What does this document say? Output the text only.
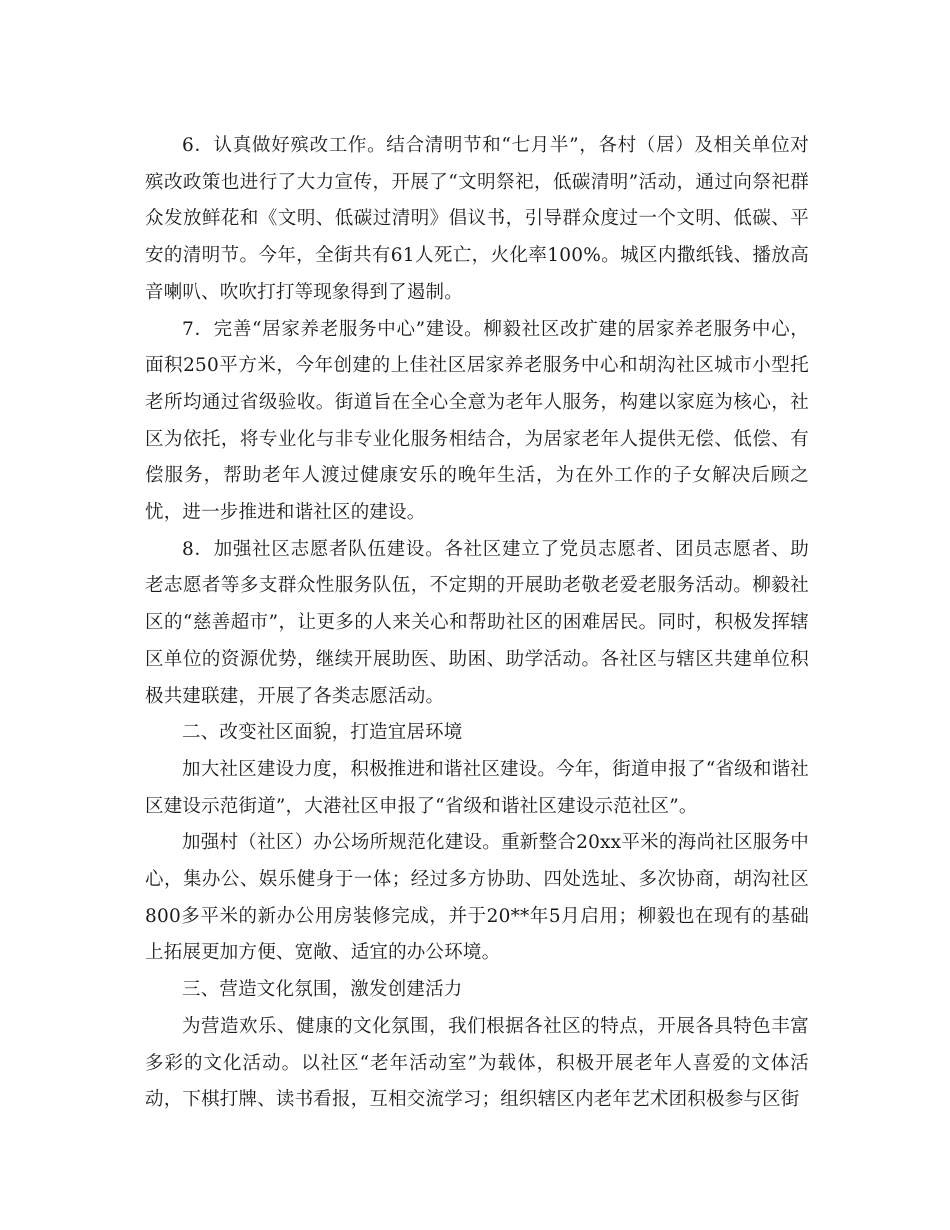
6．认真做好殡改工作。结合清明节和“七月半”，各村（居）及相关单位对殡改政策也进行了大力宣传，开展了“文明祭祀，低碳清明”活动，通过向祭祀群众发放鲜花和《文明、低碳过清明》倡议书，引导群众度过一个文明、低碳、平安的清明节。今年，全街共有61人死亡，火化率100%。城区内撒纸钱、播放高音喇叭、吹吹打打等现象得到了遏制。

7．完善“居家养老服务中心”建设。柳毅社区改扩建的居家养老服务中心，面积250平方米，今年创建的上佳社区居家养老服务中心和胡沟社区城市小型托老所均通过省级验收。街道旨在全心全意为老年人服务，构建以家庭为核心，社区为依托，将专业化与非专业化服务相结合，为居家老年人提供无偿、低偿、有偿服务，帮助老年人渡过健康安乐的晚年生活，为在外工作的子女解决后顾之忧，进一步推进和谐社区的建设。

8．加强社区志愿者队伍建设。各社区建立了党员志愿者、团员志愿者、助老志愿者等多支群众性服务队伍，不定期的开展助老敬老爱老服务活动。柳毅社区的“慈善超市”，让更多的人来关心和帮助社区的困难居民。同时，积极发挥辖区单位的资源优势，继续开展助医、助困、助学活动。各社区与辖区共建单位积极共建联建，开展了各类志愿活动。

二、改变社区面貌，打造宜居环境

加大社区建设力度，积极推进和谐社区建设。今年，街道申报了“省级和谐社区建设示范街道”，大港社区申报了“省级和谐社区建设示范社区”。

加强村（社区）办公场所规范化建设。重新整合20xx平米的海尚社区服务中心，集办公、娱乐健身于一体；经过多方协助、四处选址、多次协商，胡沟社区800多平米的新办公用房装修完成，并于20**年5月启用；柳毅也在现有的基础上拓展更加方便、宽敞、适宜的办公环境。

三、营造文化氛围，激发创建活力

为营造欢乐、健康的文化氛围，我们根据各社区的特点，开展各具特色丰富多彩的文化活动。以社区“老年活动室”为载体，积极开展老年人喜爱的文体活动，下棋打牌、读书看报，互相交流学习；组织辖区内老年艺术团积极参与区街
